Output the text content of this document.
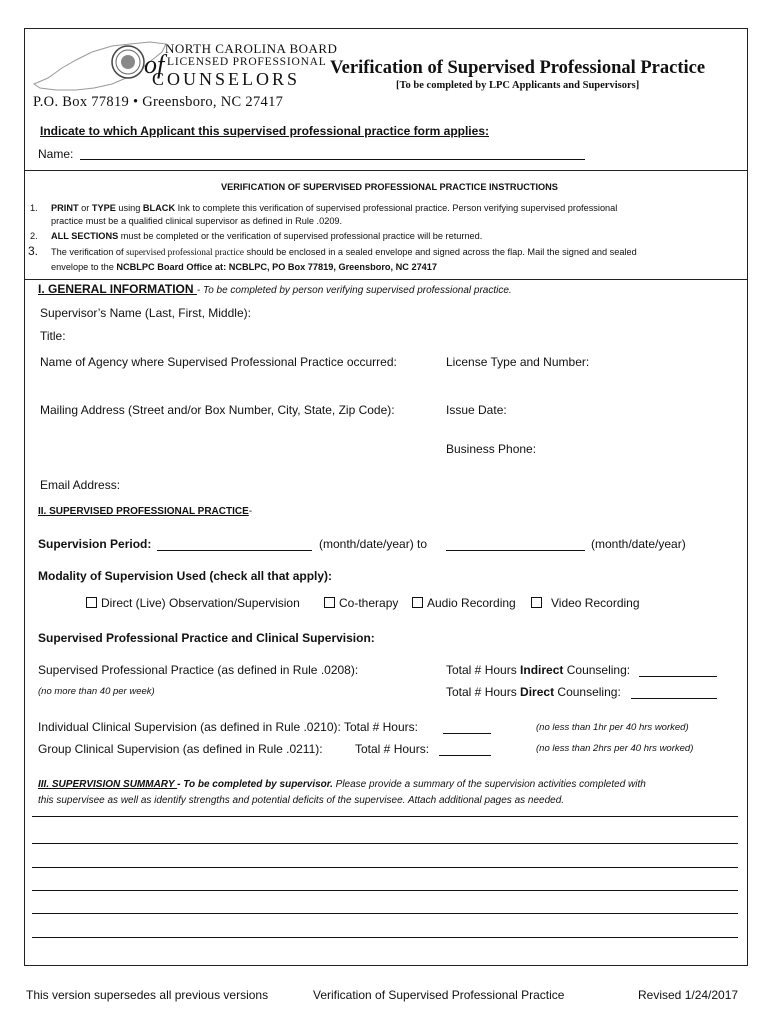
NORTH CAROLINA BOARD
of LICENSED PROFESSIONAL
COUNSELORS
P.O. Box 77819 • Greensboro, NC 27417
Verification of Supervised Professional Practice
[To be completed by LPC Applicants and Supervisors]
Indicate to which Applicant this supervised professional practice form applies:
Name:
VERIFICATION OF SUPERVISED PROFESSIONAL PRACTICE INSTRUCTIONS
1. PRINT or TYPE using BLACK Ink to complete this verification of supervised professional practice. Person verifying supervised professional
practice must be a qualified clinical supervisor as defined in Rule .0209.
2. ALL SECTIONS must be completed or the verification of supervised professional practice will be returned.
3. The verification of supervised professional practice should be enclosed in a sealed envelope and signed across the flap. Mail the signed and sealed
envelope to the NCBLPC Board Office at: NCBLPC, PO Box 77819, Greensboro, NC 27417
I. GENERAL INFORMATION - To be completed by person verifying supervised professional practice.
Supervisor’s Name (Last, First, Middle):
Title:
Name of Agency where Supervised Professional Practice occurred:	License Type and Number:
Mailing Address (Street and/or Box Number, City, State, Zip Code):	Issue Date:
Business Phone:
Email Address:
II. SUPERVISED PROFESSIONAL PRACTICE-
Supervision Period:	(month/date/year) to	(month/date/year)
Modality of Supervision Used (check all that apply):
Direct (Live) Observation/Supervision	Co-therapy	Audio Recording	Video Recording
Supervised Professional Practice and Clinical Supervision:
Supervised Professional Practice (as defined in Rule .0208):	Total # Hours Indirect Counseling:
(no more than 40 per week)	Total # Hours Direct Counseling:
Individual Clinical Supervision (as defined in Rule .0210): Total # Hours:	(no less than 1hr per 40 hrs worked)
Group Clinical Supervision (as defined in Rule .0211):	Total # Hours:	(no less than 2hrs per 40 hrs worked)
III. SUPERVISION SUMMARY - To be completed by supervisor. Please provide a summary of the supervision activities completed with
this supervisee as well as identify strengths and potential deficits of the supervisee. Attach additional pages as needed.
This version supersedes all previous versions	Verification of Supervised Professional Practice	Revised 1/24/2017
